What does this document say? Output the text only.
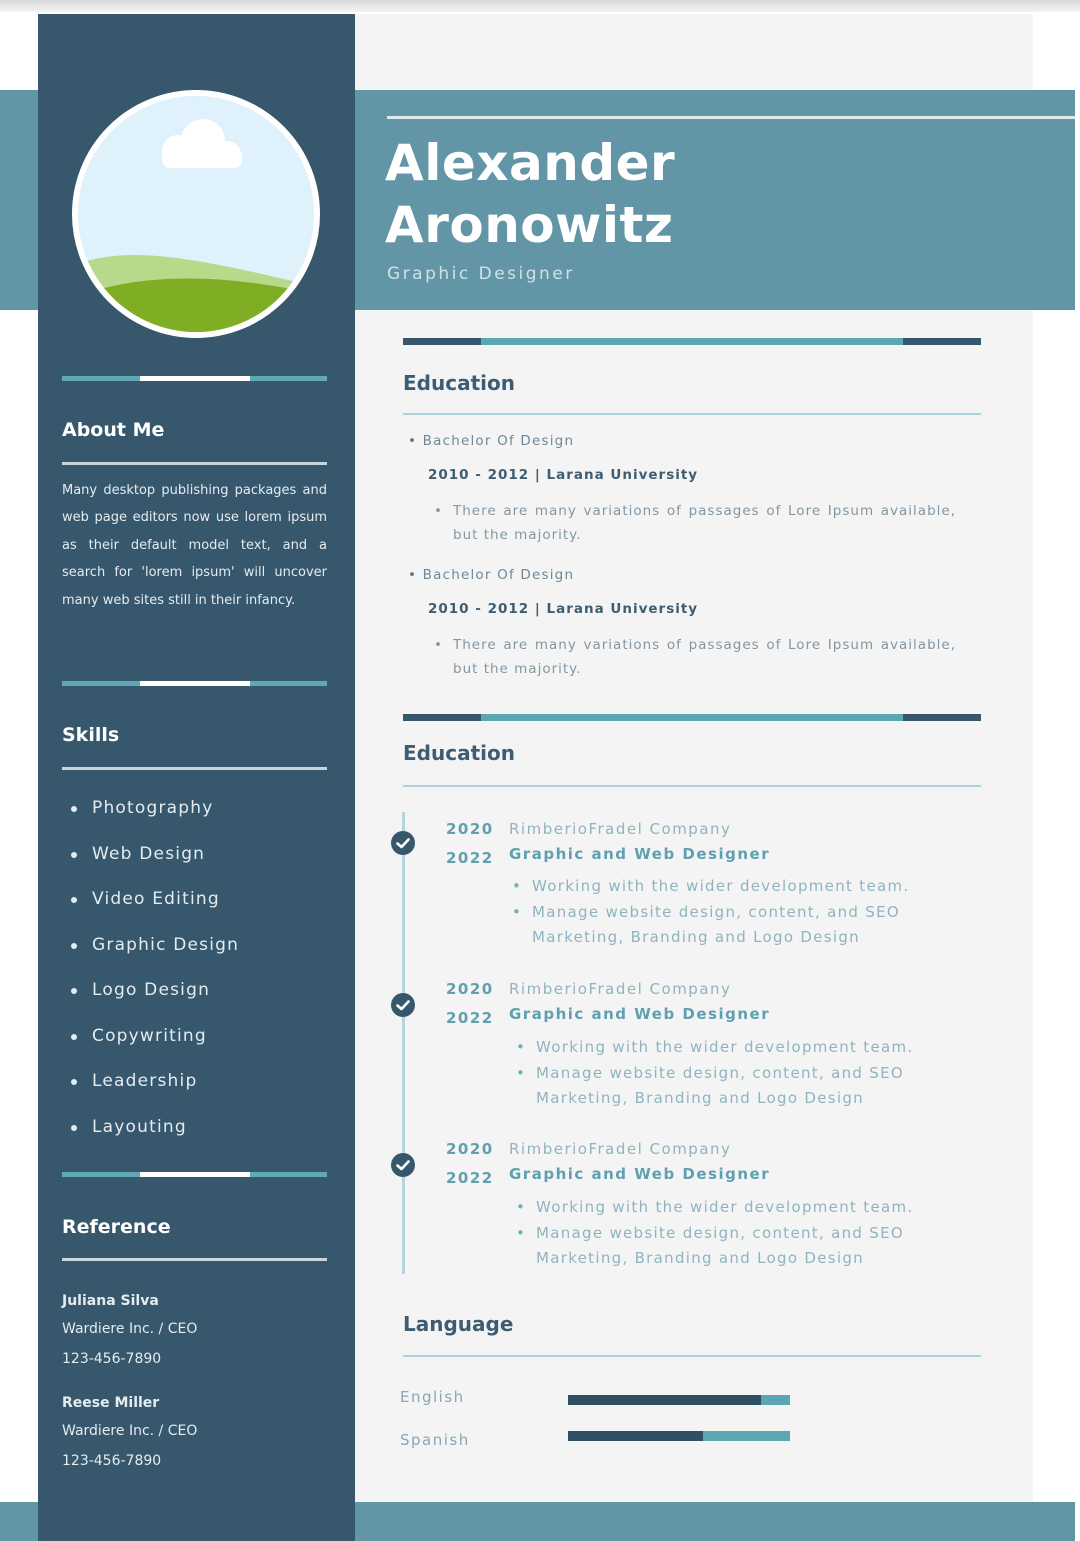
Alexander
Aronowitz
Graphic Designer
About Me
Many desktop publishing packages and web page editors now use lorem ipsum as their default model text, and a search for 'lorem ipsum' will uncover many web sites still in their infancy.
Skills
Photography
Web Design
Video Editing
Graphic Design
Logo Design
Copywriting
Leadership
Layouting
Reference
Juliana Silva
Wardiere Inc. / CEO
123-456-7890
Reese Miller
Wardiere Inc. / CEO
123-456-7890
Education
• Bachelor Of Design
2010 - 2012 | Larana University
• There are many variations of passages of Lore Ipsum available, but the majority.
• Bachelor Of Design
2010 - 2012 | Larana University
• There are many variations of passages of Lore Ipsum available, but the majority.
Education
2020
2022
RimberioFradel Company
Graphic and Web Designer
• Working with the wider development team.
• Manage website design, content, and SEO Marketing, Branding and Logo Design
2020
2022
RimberioFradel Company
Graphic and Web Designer
• Working with the wider development team.
• Manage website design, content, and SEO Marketing, Branding and Logo Design
2020
2022
RimberioFradel Company
Graphic and Web Designer
• Working with the wider development team.
• Manage website design, content, and SEO Marketing, Branding and Logo Design
Language
English
Spanish
